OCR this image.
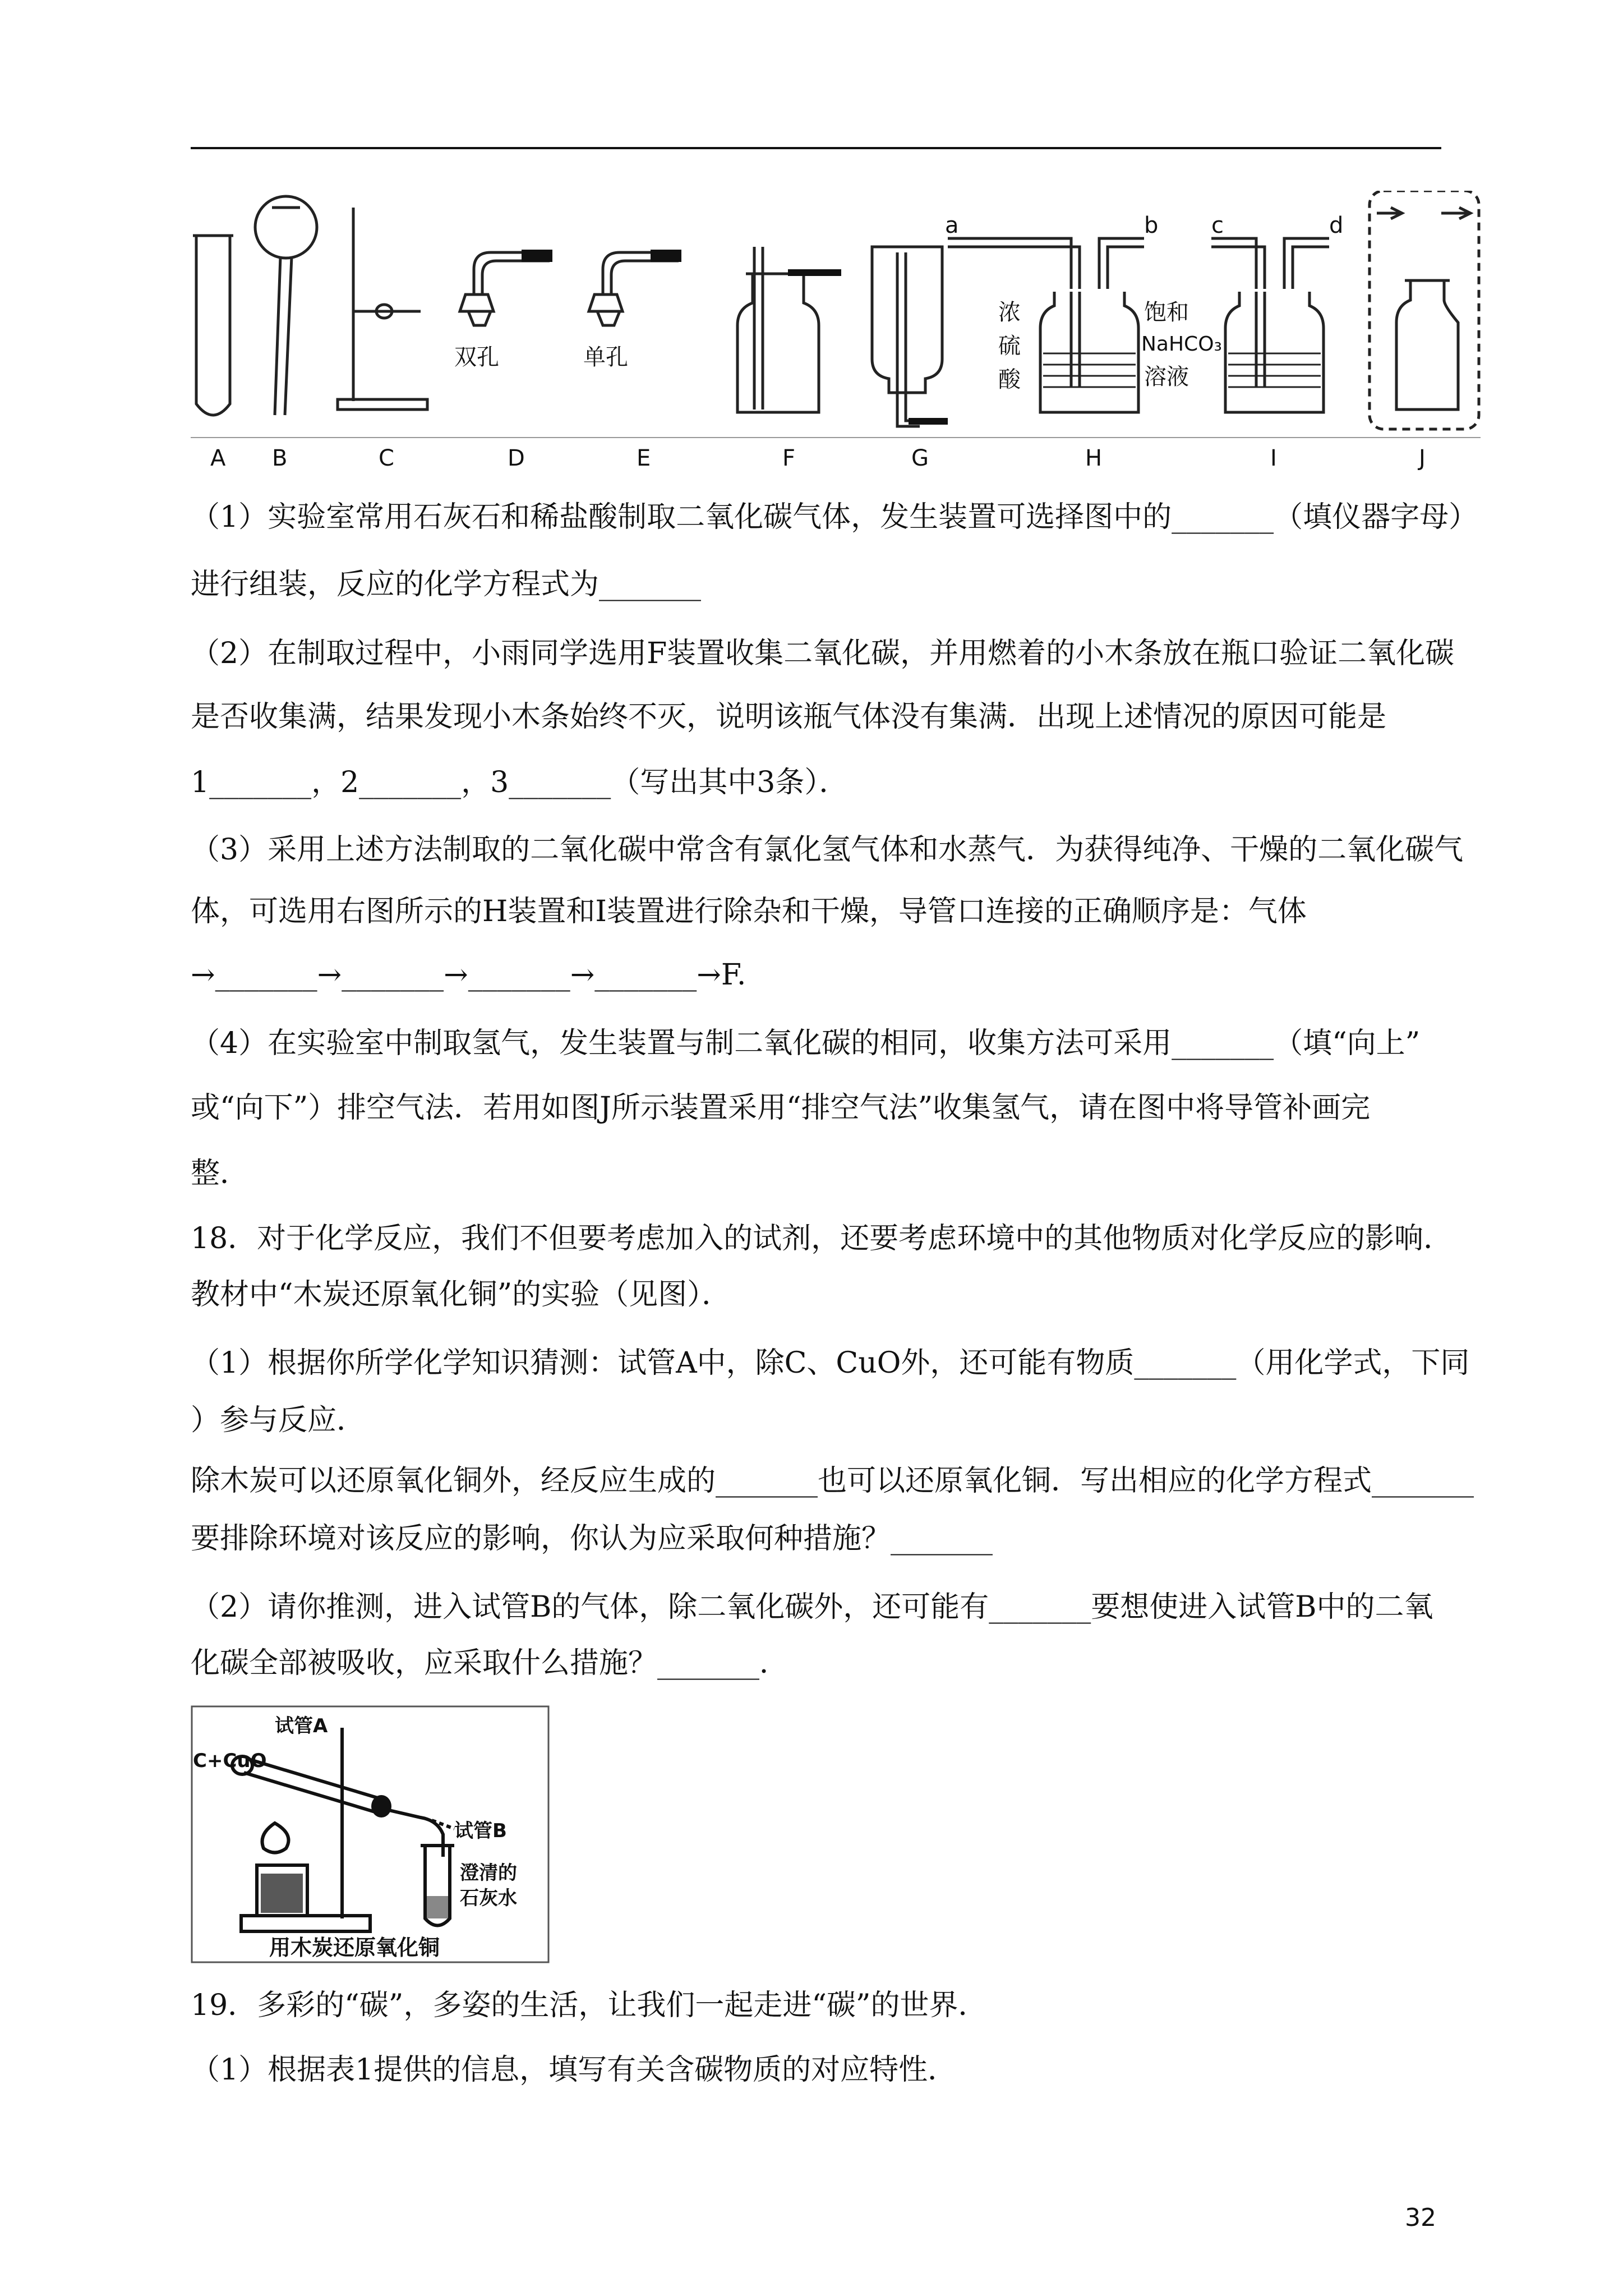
双孔	单孔
a	b c	d
浓
硫
酸
饱和
NaHCO₃
溶液
A B	C	D	E	F	G	H	I	J

（1）实验室常用石灰石和稀盐酸制取二氧化碳气体，发生装置可选择图中的_______（填仪器字母）

进行组装，反应的化学方程式为_______

（2）在制取过程中，小雨同学选用F装置收集二氧化碳，并用燃着的小木条放在瓶口验证二氧化碳

是否收集满，结果发现小木条始终不灭，说明该瓶气体没有集满．出现上述情况的原因可能是

1_______，2_______，3_______（写出其中3条）．

（3）采用上述方法制取的二氧化碳中常含有氯化氢气体和水蒸气．为获得纯净、干燥的二氧化碳气

体，可选用右图所示的H装置和I装置进行除杂和干燥，导管口连接的正确顺序是：气体

→_______→_______→_______→_______→F.

（4）在实验室中制取氢气，发生装置与制二氧化碳的相同，收集方法可采用_______（填“向上”

或“向下”）排空气法．若用如图J所示装置采用“排空气法”收集氢气，请在图中将导管补画完

整．

18．对于化学反应，我们不但要考虑加入的试剂，还要考虑环境中的其他物质对化学反应的影响．

教材中“木炭还原氧化铜”的实验（见图）．

（1）根据你所学化学知识猜测：试管A中，除C、CuO外，还可能有物质_______（用化学式，下同

）参与反应．

除木炭可以还原氧化铜外，经反应生成的_______也可以还原氧化铜．写出相应的化学方程式_______

要排除环境对该反应的影响，你认为应采取何种措施？_______

（2）请你推测，进入试管B的气体，除二氧化碳外，还可能有_______要想使进入试管B中的二氧

化碳全部被吸收，应采取什么措施？_______．

试管A
C+CuO
试管B
澄清的
石灰水
用木炭还原氧化铜

19．多彩的“碳”，多姿的生活，让我们一起走进“碳”的世界．

（1）根据表1提供的信息，填写有关含碳物质的对应特性．

32
